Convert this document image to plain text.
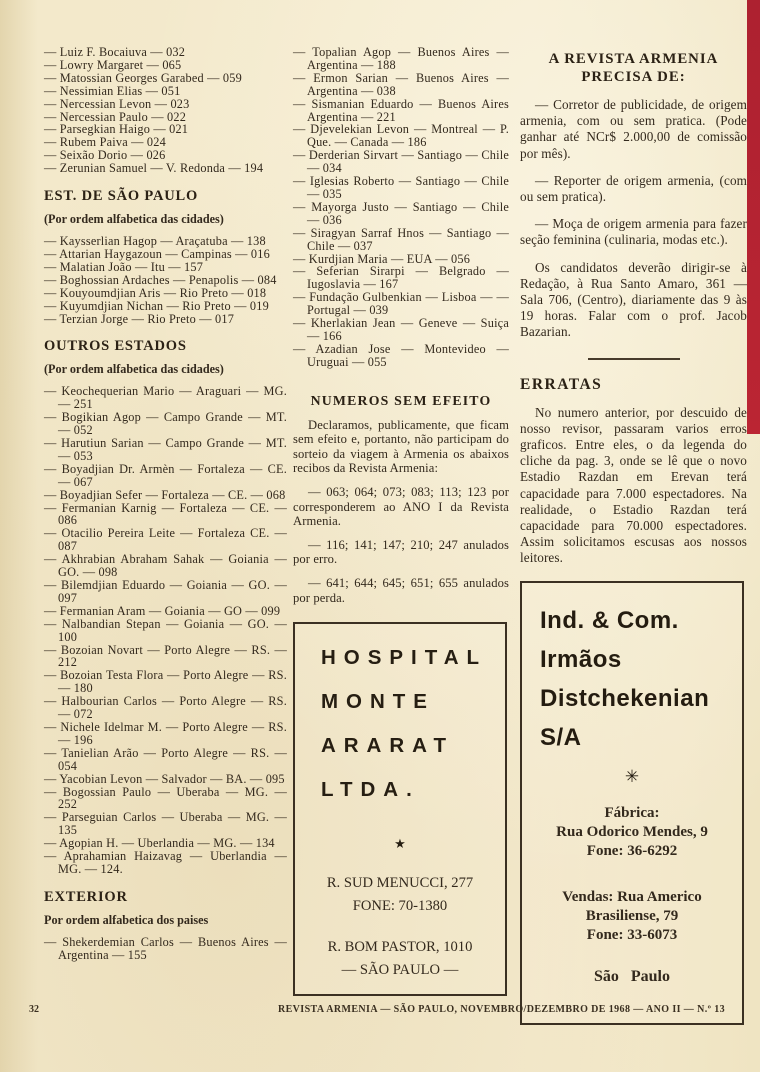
— Luiz F. Bocaiuva — 032
— Lowry Margaret — 065
— Matossian Georges Garabed — 059
— Nessimian Elias — 051
— Nercessian Levon — 023
— Nercessian Paulo — 022
— Parsegkian Haigo — 021
— Rubem Paiva — 024
— Seixão Dorio — 026
— Zerunian Samuel — V. Redonda — 194
EST. DE SÃO PAULO
(Por ordem alfabetica das cidades)
— Kaysserlian Hagop — Araçatuba — 138
— Attarian Haygazoun — Campinas — 016
— Malatian João — Itu — 157
— Boghossian Ardaches — Penapolis — 084
— Kouyoumdjian Aris — Rio Preto — 018
— Kuyumdjian Nichan — Rio Preto — 019
— Terzian Jorge — Rio Preto — 017
OUTROS ESTADOS
(Por ordem alfabetica das cidades)
— Keochequerian Mario — Araguari — MG. — 251
— Bogikian Agop — Campo Grande — MT. — 052
— Harutiun Sarian — Campo Grande — MT. — 053
— Boyadjian Dr. Armèn — Fortaleza — CE. — 067
— Boyadjian Sefer — Fortaleza — CE. — 068
— Fermanian Karnig — Fortaleza — CE. — 086
— Otacilio Pereira Leite — Fortaleza CE. — 087
— Akhrabian Abraham Sahak — Goiania — GO. — 098
— Bilemdjian Eduardo — Goiania — GO. — 097
— Fermanian Aram — Goiania — GO — 099
— Nalbandian Stepan — Goiania — GO. — 100
— Bozoian Novart — Porto Alegre — RS. — 212
— Bozoian Testa Flora — Porto Alegre — RS. — 180
— Halbourian Carlos — Porto Alegre — RS. — 072
— Nichele Idelmar M. — Porto Alegre — RS. — 196
— Tanielian Arão — Porto Alegre — RS. — 054
— Yacobian Levon — Salvador — BA. — 095
— Bogossian Paulo — Uberaba — MG. — 252
— Parseguian Carlos — Uberaba — MG. — 135
— Agopian H. — Uberlandia — MG. — 134
— Aprahamian Haizavag — Uberlandia — MG. — 124.
EXTERIOR
Por ordem alfabetica dos paises
— Shekerdemian Carlos — Buenos Aires — Argentina — 155
— Topalian Agop — Buenos Aires — Argentina — 188
— Ermon Sarian — Buenos Aires — Argentina — 038
— Sismanian Eduardo — Buenos Aires Argentina — 221
— Djevelekian Levon — Montreal — P. Que. — Canada — 186
— Derderian Sirvart — Santiago — Chile — 034
— Iglesias Roberto — Santiago — Chile — 035
— Mayorga Justo — Santiago — Chile — 036
— Siragyan Sarraf Hnos — Santiago — Chile — 037
— Kurdjian Maria — EUA — 056
— Seferian Sirarpi — Belgrado — Iugoslavia — 167
— Fundação Gulbenkian — Lisboa — — Portugal — 039
— Kherlakian Jean — Geneve — Suiça — 166
— Azadian Jose — Montevideo — Uruguai — 055
NUMEROS SEM EFEITO
Declaramos, publicamente, que ficam sem efeito e, portanto, não participam do sorteio da viagem à Armenia os abaixos recibos da Revista Armenia:
— 063; 064; 073; 083; 113; 123 por corresponderem ao ANO I da Revista Armenia.
— 116; 141; 147; 210; 247 anulados por erro.
— 641; 644; 645; 651; 655 anulados por perda.
HOSPITAL
MONTE
ARARAT
LTDA.
★
R. SUD MENUCCI, 277
FONE: 70-1380
R. BOM PASTOR, 1010
— SÃO PAULO —
A REVISTA ARMENIA
PRECISA DE:
— Corretor de publicidade, de origem armenia, com ou sem pratica. (Pode ganhar até NCr$ 2.000,00 de comissão por mês).
— Reporter de origem armenia, (com ou sem pratica).
— Moça de origem armenia para fazer seção feminina (culinaria, modas etc.).
Os candidatos deverão dirigir-se à Redação, à Rua Santo Amaro, 361 — Sala 706, (Centro), diariamente das 9 às 19 horas. Falar com o prof. Jacob Bazarian.
ERRATAS
No numero anterior, por descuido de nosso revisor, passaram varios erros graficos. Entre eles, o da legenda do cliche da pag. 3, onde se lê que o novo Estadio Razdan em Erevan terá capacidade para 7.000 espectadores. Na realidade, o Estadio Razdan terá capacidade para 70.000 espectadores. Assim solicitamos escusas aos nossos leitores.
Ind. & Com.
Irmãos
Distchekenian
S/A
✳
Fábrica:
Rua Odorico Mendes, 9
Fone: 36-6292
Vendas: Rua Americo
Brasiliense, 79
Fone: 33-6073
São Paulo
32	REVISTA ARMENIA — SÃO PAULO, NOVEMBRO/DEZEMBRO DE 1968 — ANO II — N.º 13
